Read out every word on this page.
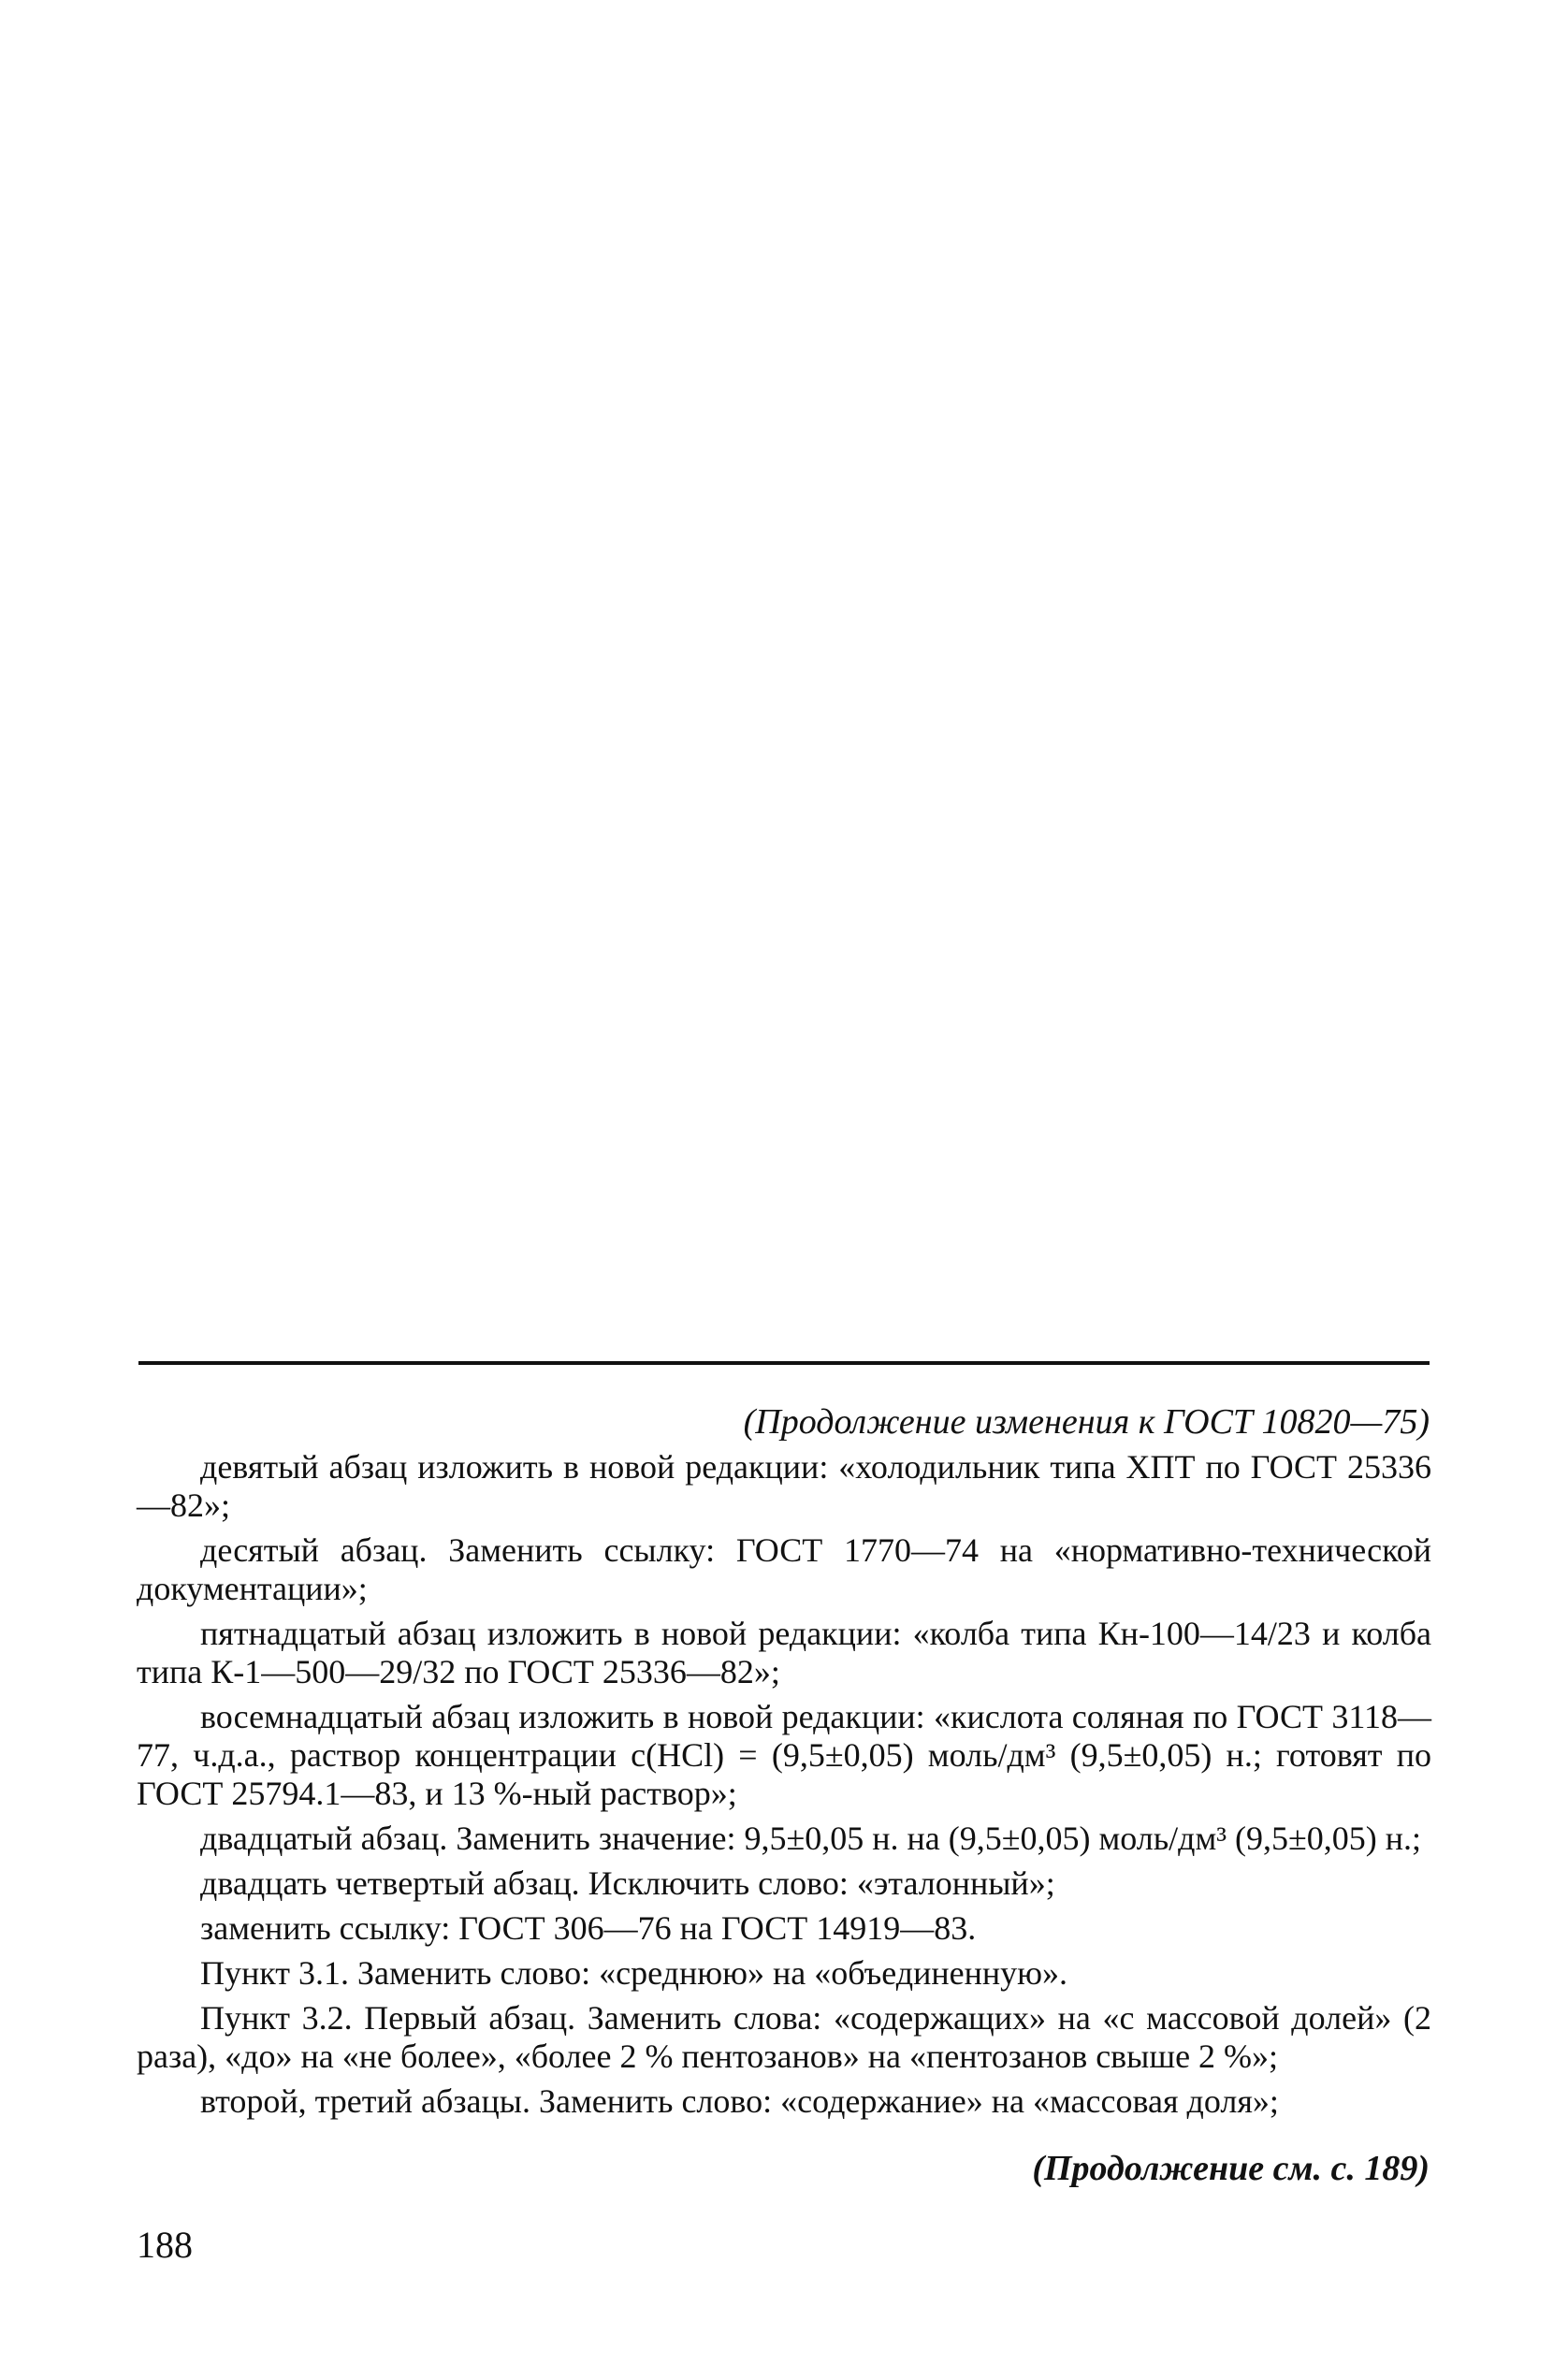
(Продолжение изменения к ГОСТ 10820—75)

девятый абзац изложить в новой редакции: «холодильник типа ХПТ по ГОСТ 25336—82»;

десятый абзац. Заменить ссылку: ГОСТ 1770—74 на «нормативно-технической документации»;

пятнадцатый абзац изложить в новой редакции: «колба типа Кн-100—14/23 и колба типа К-1—500—29/32 по ГОСТ 25336—82»;

восемнадцатый абзац изложить в новой редакции: «кислота соляная по ГОСТ 3118—77, ч.д.а., раствор концентрации с(HCl) = (9,5±0,05) моль/дм³ (9,5±0,05) н.; готовят по ГОСТ 25794.1—83, и 13 %-ный раствор»;

двадцатый абзац. Заменить значение: 9,5±0,05 н. на (9,5±0,05) моль/дм³ (9,5±0,05) н.;

двадцать четвертый абзац. Исключить слово: «эталонный»;

заменить ссылку: ГОСТ 306—76 на ГОСТ 14919—83.

Пункт 3.1. Заменить слово: «среднюю» на «объединенную».

Пункт 3.2. Первый абзац. Заменить слова: «содержащих» на «с массовой долей» (2 раза), «до» на «не более», «более 2 % пентозанов» на «пентозанов свыше 2 %»;

второй, третий абзацы. Заменить слово: «содержание» на «массовая доля»;

(Продолжение см. с. 189)
188
